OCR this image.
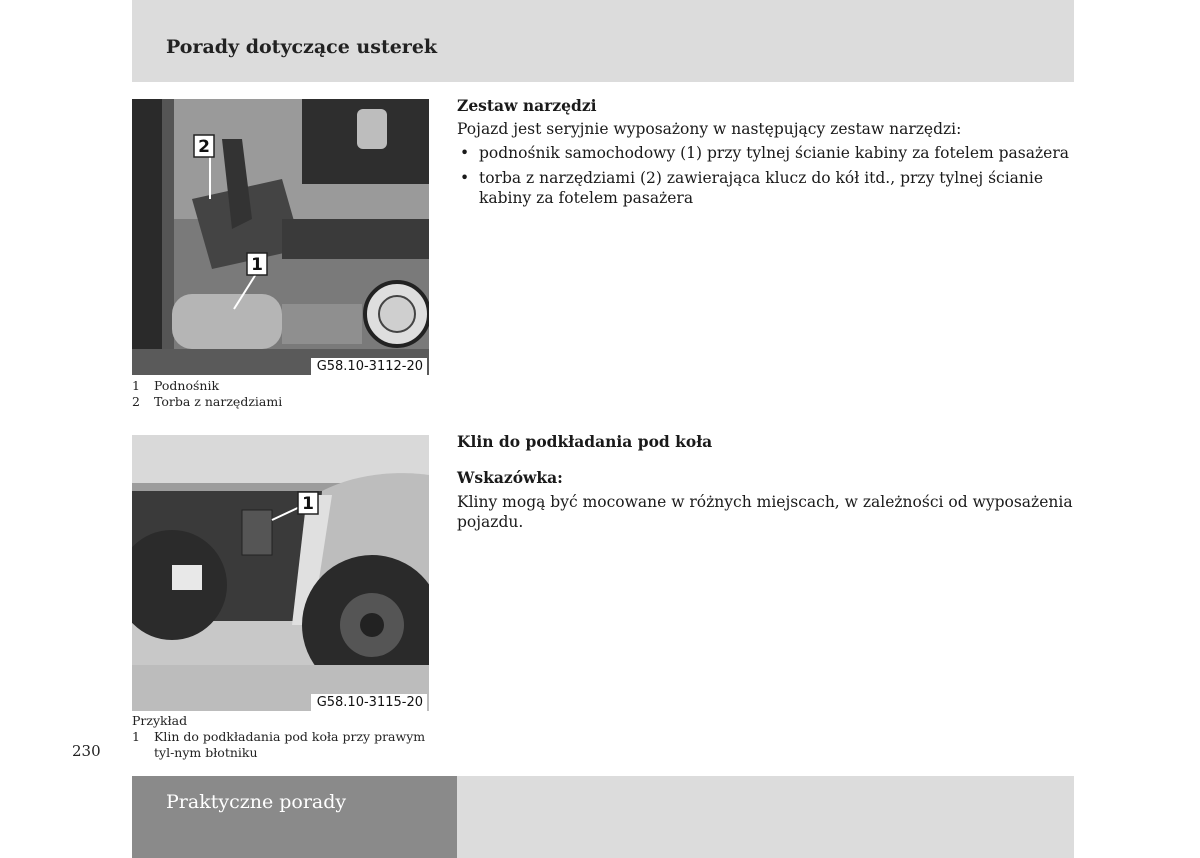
Porady dotyczące usterek
2
1
G58.10-3112-20
1	Podnośnik
2	Torba z narzędziami
Zestaw narzędzi
Pojazd jest seryjnie wyposażony w następujący zestaw narzędzi:
• podnośnik samochodowy (1) przy tylnej ścianie kabiny za fotelem pasażera
• torba z narzędziami (2) zawierająca klucz do kół itd., przy tylnej ścianie kabiny za fotelem pasażera
1
G58.10-3115-20
Przykład
1	Klin do podkładania pod koła przy prawym tyl-nym błotniku
Klin do podkładania pod koła
Wskazówka:
Kliny mogą być mocowane w różnych miejscach, w zależności od wyposażenia pojazdu.
230
Praktyczne porady
